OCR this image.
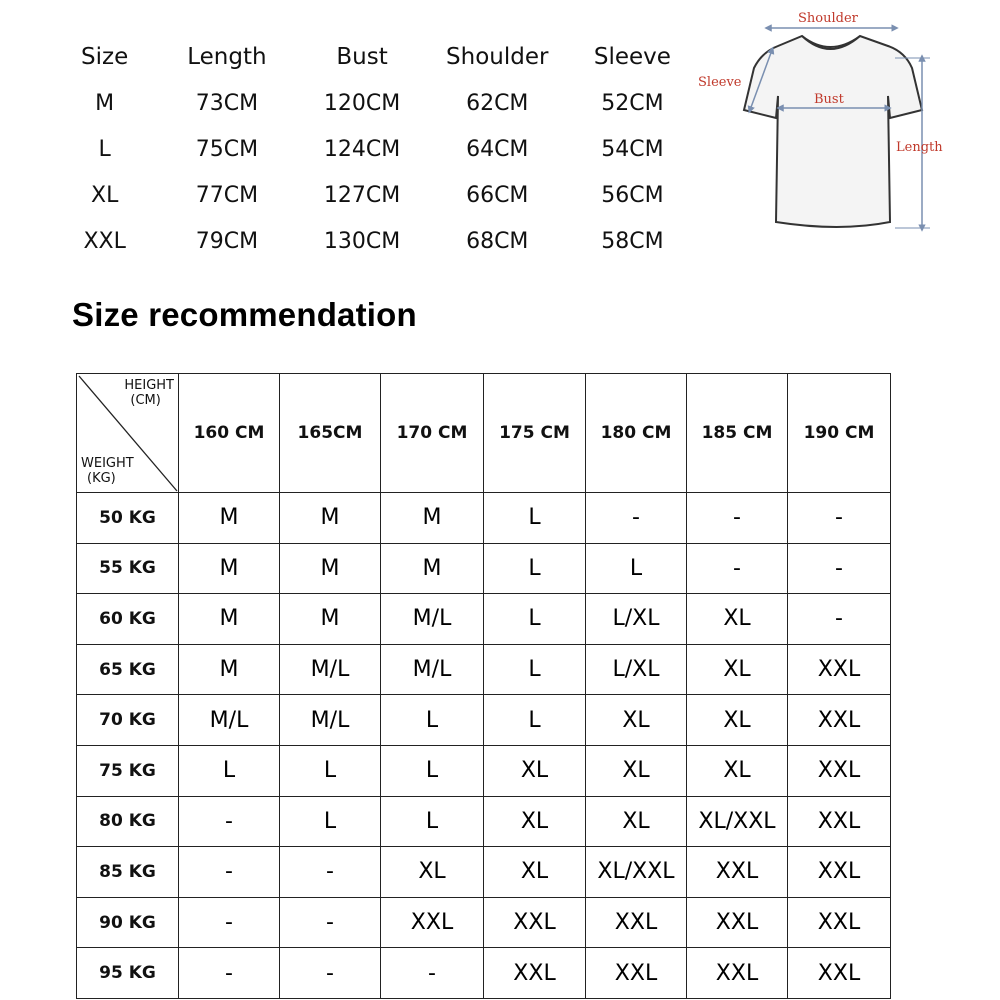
Size	Length	Bust	Shoulder	Sleeve
M	73CM	120CM	62CM	52CM
L	75CM	124CM	64CM	54CM
XL	77CM	127CM	66CM	56CM
XXL	79CM	130CM	68CM	58CM
Shoulder
Bust
Sleeve
Length
Size recommendation
HEIGHT
(CM)
WEIGHT
(KG)	160 CM	165CM	170 CM	175 CM	180 CM	185 CM	190 CM
50 KG	M	M	M	L	-	-	-
55 KG	M	M	M	L	L	-	-
60 KG	M	M	M/L	L	L/XL	XL	-
65 KG	M	M/L	M/L	L	L/XL	XL	XXL
70 KG	M/L	M/L	L	L	XL	XL	XXL
75 KG	L	L	L	XL	XL	XL	XXL
80 KG	-	L	L	XL	XL	XL/XXL	XXL
85 KG	-	-	XL	XL	XL/XXL	XXL	XXL
90 KG	-	-	XXL	XXL	XXL	XXL	XXL
95 KG	-	-	-	XXL	XXL	XXL	XXL
